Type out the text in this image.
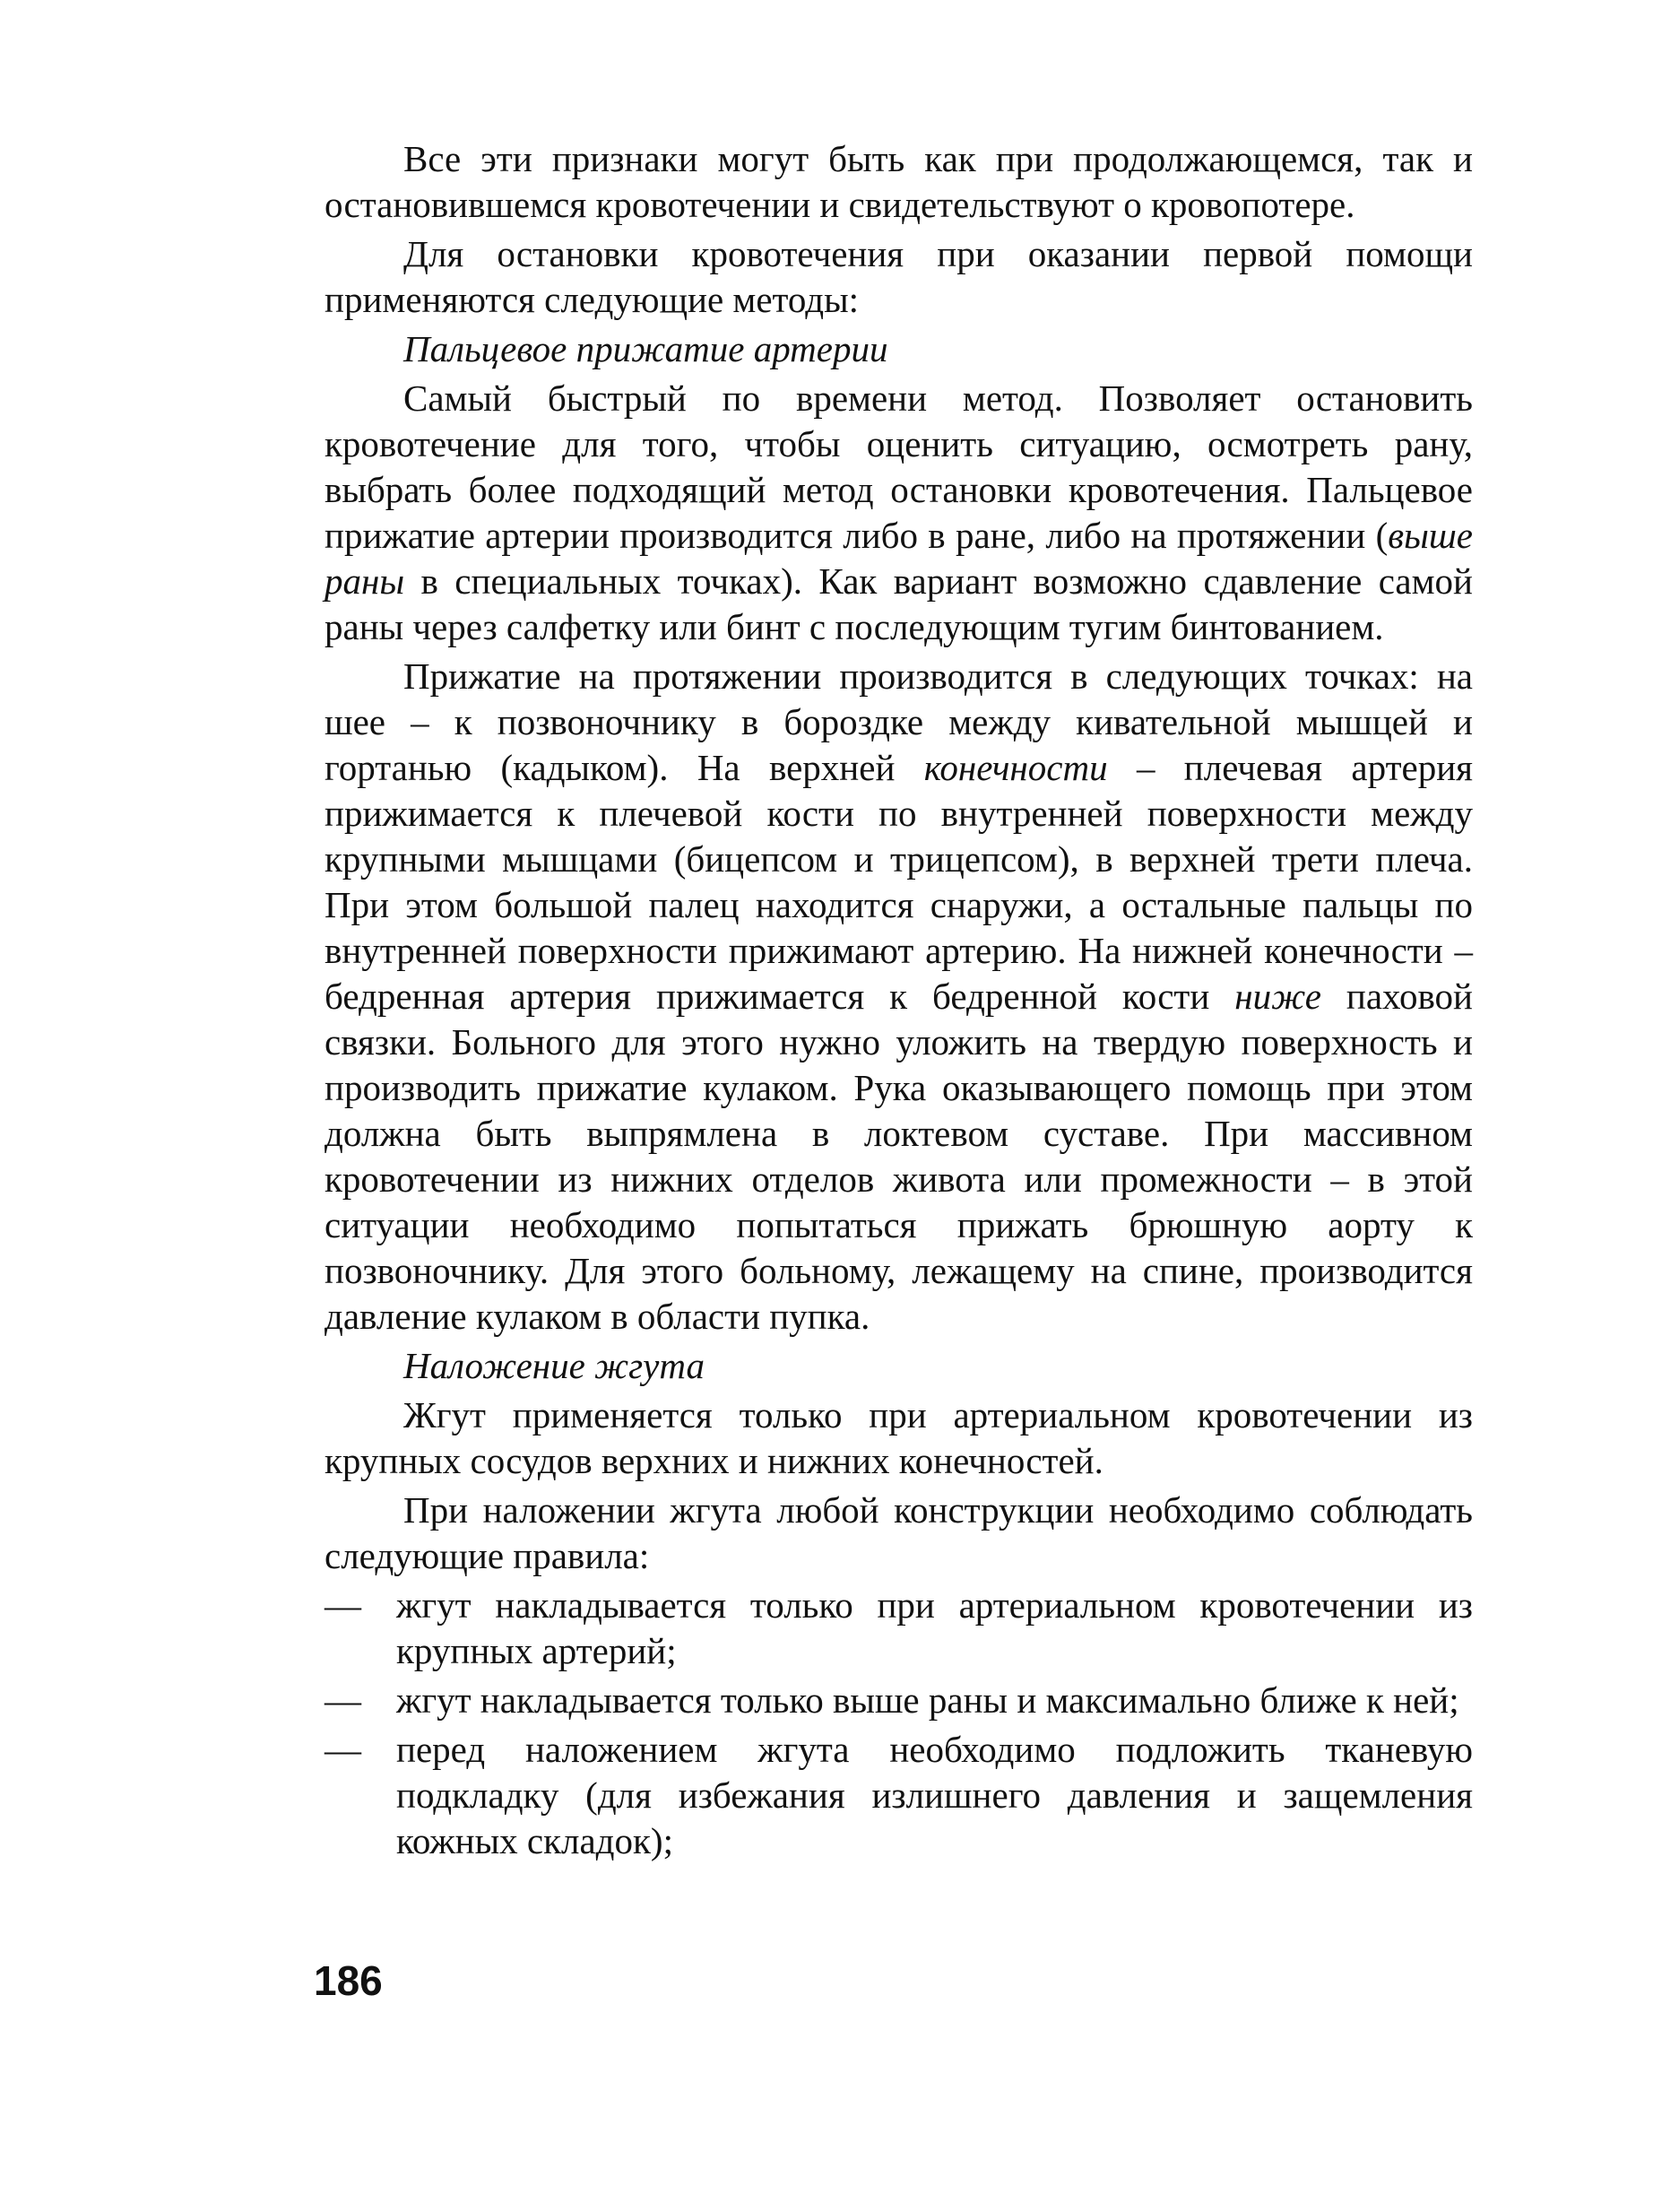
Все эти признаки могут быть как при продолжающемся, так и остановившемся кровотечении и свидетельствуют о кровопотере.

Для остановки кровотечения при оказании первой помощи применяются следующие методы:

Пальцевое прижатие артерии

Самый быстрый по времени метод. Позволяет остановить кровотечение для того, чтобы оценить ситуацию, осмотреть рану, выбрать более подходящий метод остановки кровотечения. Пальцевое прижатие артерии производится либо в ране, либо на протяжении (выше раны в специальных точках). Как вариант возможно сдавление самой раны через салфетку или бинт с последующим тугим бинтованием.

Прижатие на протяжении производится в следующих точках: на шее – к позвоночнику в бороздке между кивательной мышцей и гортанью (кадыком). На верхней конечности – плечевая артерия прижимается к плечевой кости по внутренней поверхности между крупными мышцами (бицепсом и трицепсом), в верхней трети плеча. При этом большой палец находится снаружи, а остальные пальцы по внутренней поверхности прижимают артерию. На нижней конечности – бедренная артерия прижимается к бедренной кости ниже паховой связки. Больного для этого нужно уложить на твердую поверхность и производить прижатие кулаком. Рука оказывающего помощь при этом должна быть выпрямлена в локтевом суставе. При массивном кровотечении из нижних отделов живота или промежности – в этой ситуации необходимо попытаться прижать брюшную аорту к позвоночнику. Для этого больному, лежащему на спине, производится давление кулаком в области пупка.

Наложение жгута

Жгут применяется только при артериальном кровотечении из крупных сосудов верхних и нижних конечностей.

При наложении жгута любой конструкции необходимо соблюдать следующие правила:

— жгут накладывается только при артериальном кровотечении из крупных артерий;
— жгут накладывается только выше раны и максимально ближе к ней;
— перед наложением жгута необходимо подложить тканевую подкладку (для избежания излишнего давления и защемления кожных складок);
186
